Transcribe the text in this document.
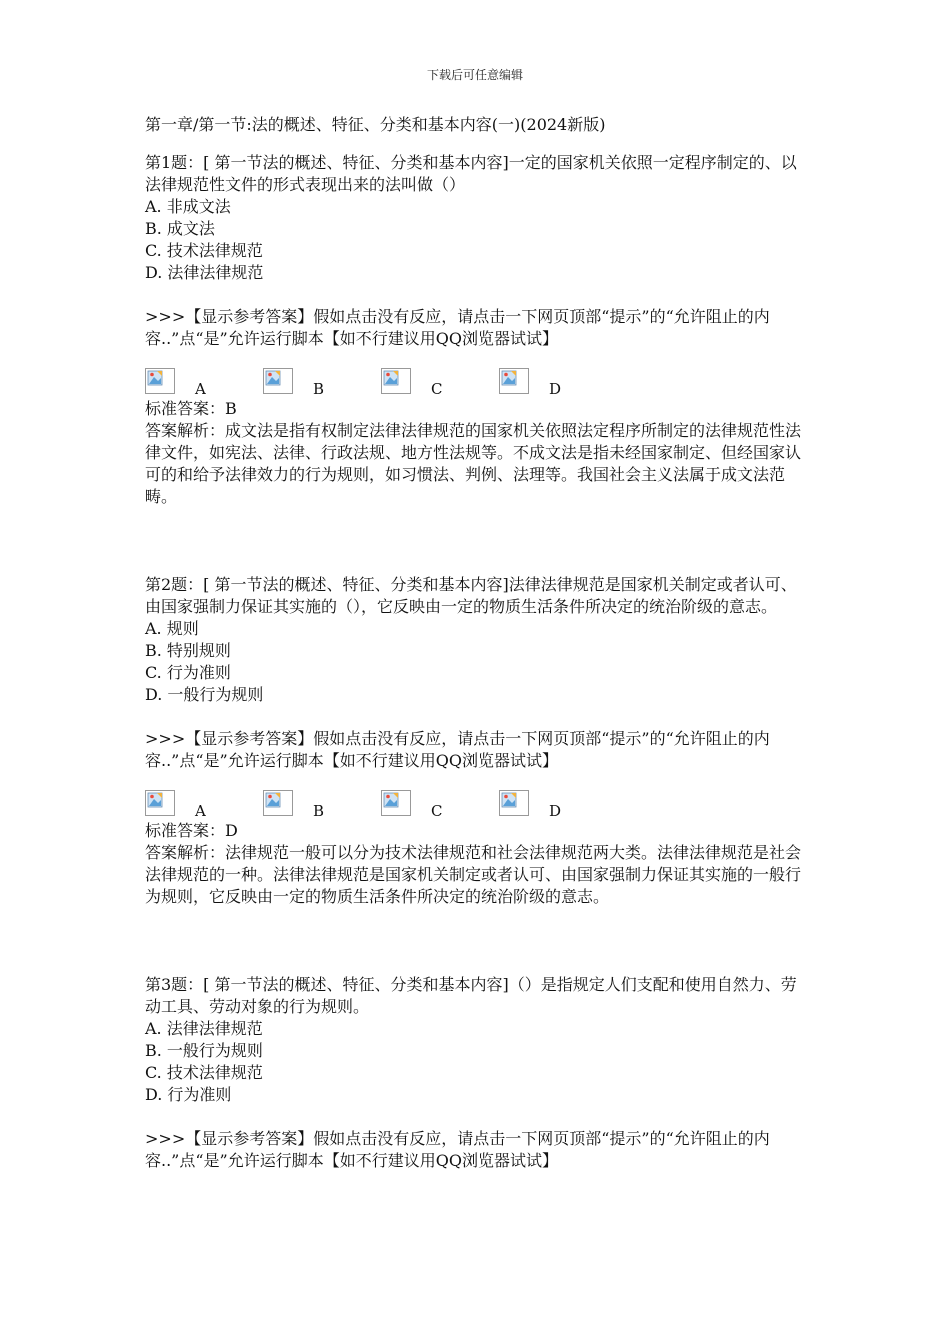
下载后可任意编辑

第一章/第一节:法的概述、特征、分类和基本内容(一)(2024新版)

第1题：[ 第一节法的概述、特征、分类和基本内容]一定的国家机关依照一定程序制定的、以法律规范性文件的形式表现出来的法叫做（）

A. 非成文法

B. 成文法

C. 技术法律规范

D. 法律法律规范

>>>【显示参考答案】假如点击没有反应，请点击一下网页顶部“提示”的“允许阻止的内容..”点“是”允许运行脚本【如不行建议用QQ浏览器试试】

A	B	C	D

标准答案：B

答案解析：成文法是指有权制定法律法律规范的国家机关依照法定程序所制定的法律规范性法律文件，如宪法、法律、行政法规、地方性法规等。不成文法是指未经国家制定、但经国家认可的和给予法律效力的行为规则，如习惯法、判例、法理等。我国社会主义法属于成文法范畴。

第2题：[ 第一节法的概述、特征、分类和基本内容]法律法律规范是国家机关制定或者认可、由国家强制力保证其实施的（），它反映由一定的物质生活条件所决定的统治阶级的意志。

A. 规则

B. 特别规则

C. 行为准则

D. 一般行为规则

>>>【显示参考答案】假如点击没有反应，请点击一下网页顶部“提示”的“允许阻止的内容..”点“是”允许运行脚本【如不行建议用QQ浏览器试试】

A	B	C	D

标准答案：D

答案解析：法律规范一般可以分为技术法律规范和社会法律规范两大类。法律法律规范是社会法律规范的一种。法律法律规范是国家机关制定或者认可、由国家强制力保证其实施的一般行为规则，它反映由一定的物质生活条件所决定的统治阶级的意志。

第3题：[ 第一节法的概述、特征、分类和基本内容]（）是指规定人们支配和使用自然力、劳动工具、劳动对象的行为规则。

A. 法律法律规范

B. 一般行为规则

C. 技术法律规范

D. 行为准则

>>>【显示参考答案】假如点击没有反应，请点击一下网页顶部“提示”的“允许阻止的内容..”点“是”允许运行脚本【如不行建议用QQ浏览器试试】
